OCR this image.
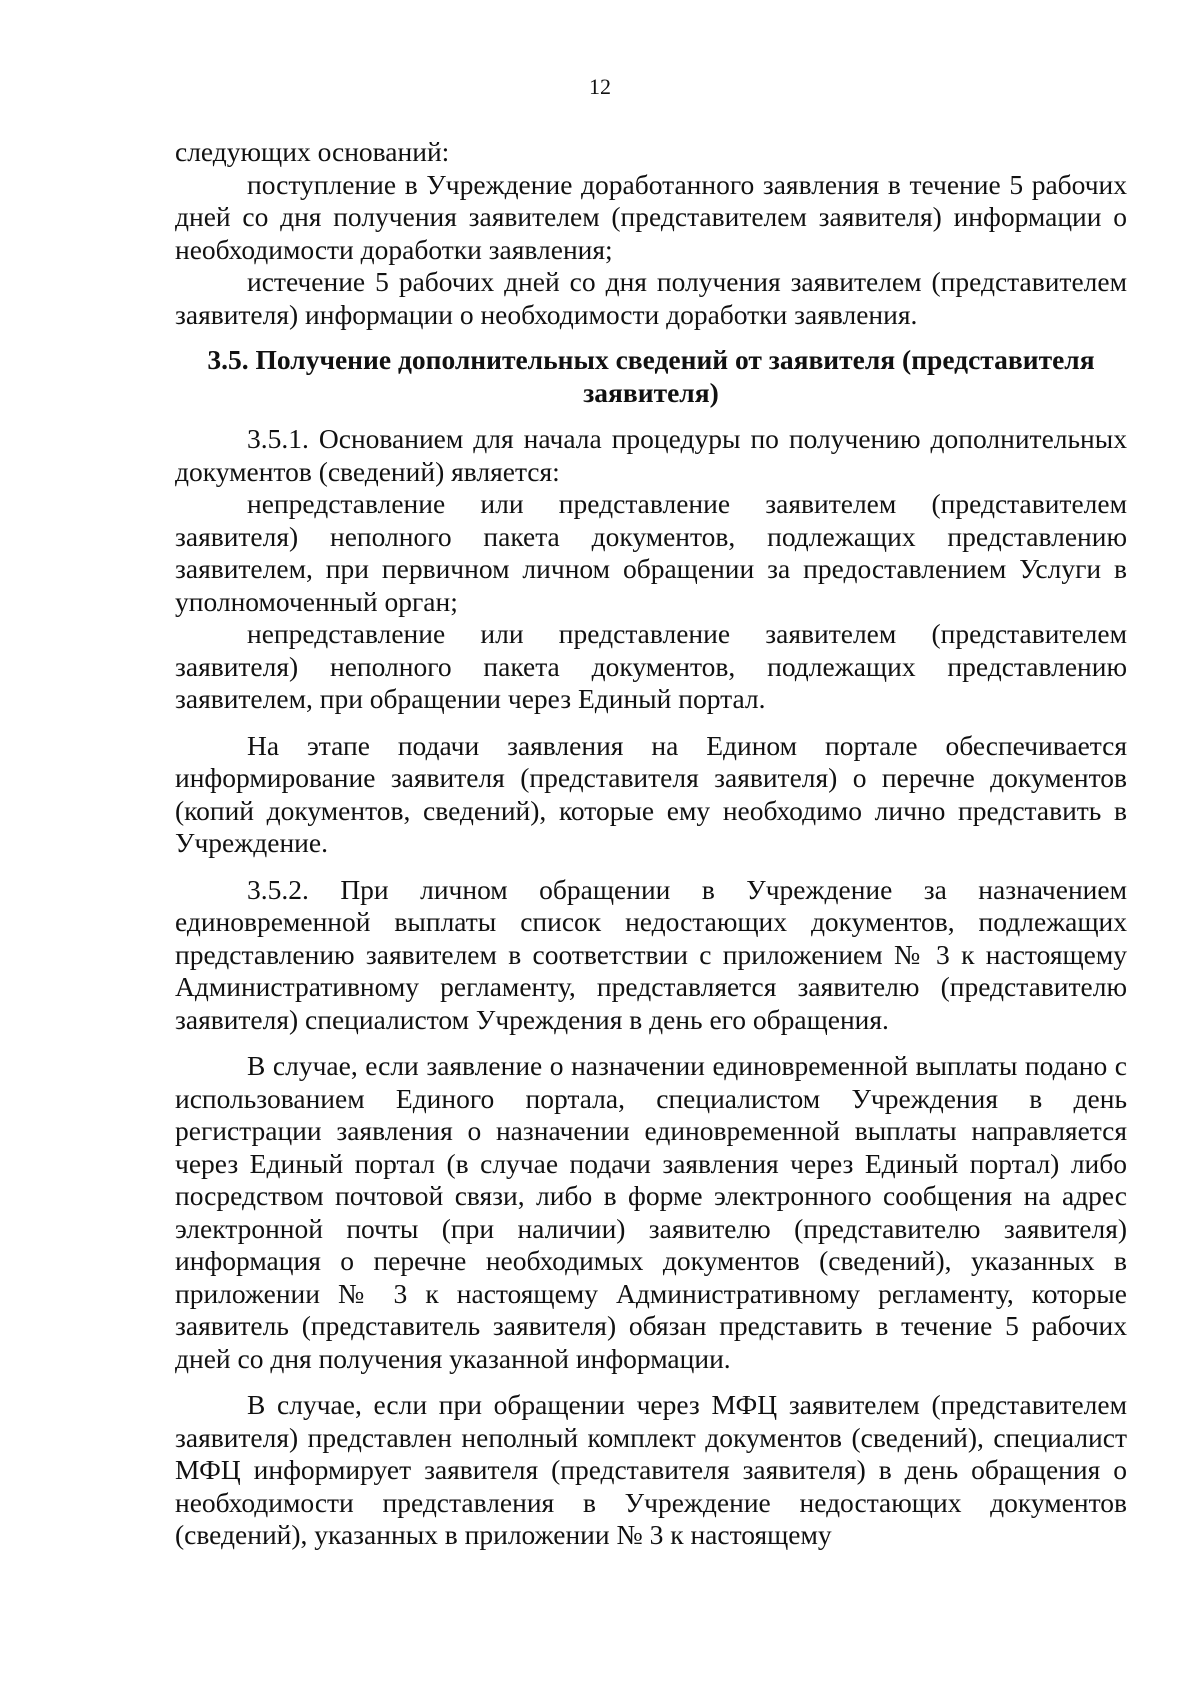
12

следующих оснований:

поступление в Учреждение доработанного заявления в течение 5 рабочих дней со дня получения заявителем (представителем заявителя) информации о необходимости доработки заявления;

истечение 5 рабочих дней со дня получения заявителем (представителем заявителя) информации о необходимости доработки заявления.

3.5. Получение дополнительных сведений от заявителя (представителя заявителя)

3.5.1. Основанием для начала процедуры по получению дополнительных документов (сведений) является:

непредставление или представление заявителем (представителем заявителя) неполного пакета документов, подлежащих представлению заявителем, при первичном личном обращении за предоставлением Услуги в уполномоченный орган;

непредставление или представление заявителем (представителем заявителя) неполного пакета документов, подлежащих представлению заявителем, при обращении через Единый портал.

На этапе подачи заявления на Едином портале обеспечивается информирование заявителя (представителя заявителя) о перечне документов (копий документов, сведений), которые ему необходимо лично представить в Учреждение.

3.5.2. При личном обращении в Учреждение за назначением единовременной выплаты список недостающих документов, подлежащих представлению заявителем в соответствии с приложением № 3 к настоящему Административному регламенту, представляется заявителю (представителю заявителя) специалистом Учреждения в день его обращения.

В случае, если заявление о назначении единовременной выплаты подано с использованием Единого портала, специалистом Учреждения в день регистрации заявления о назначении единовременной выплаты направляется через Единый портал (в случае подачи заявления через Единый портал) либо посредством почтовой связи, либо в форме электронного сообщения на адрес электронной почты (при наличии) заявителю (представителю заявителя) информация о перечне необходимых документов (сведений), указанных в приложении № 3 к настоящему Административному регламенту, которые заявитель (представитель заявителя) обязан представить в течение 5 рабочих дней со дня получения указанной информации.

В случае, если при обращении через МФЦ заявителем (представителем заявителя) представлен неполный комплект документов (сведений), специалист МФЦ информирует заявителя (представителя заявителя) в день обращения о необходимости представления в Учреждение недостающих документов (сведений), указанных в приложении № 3 к настоящему
